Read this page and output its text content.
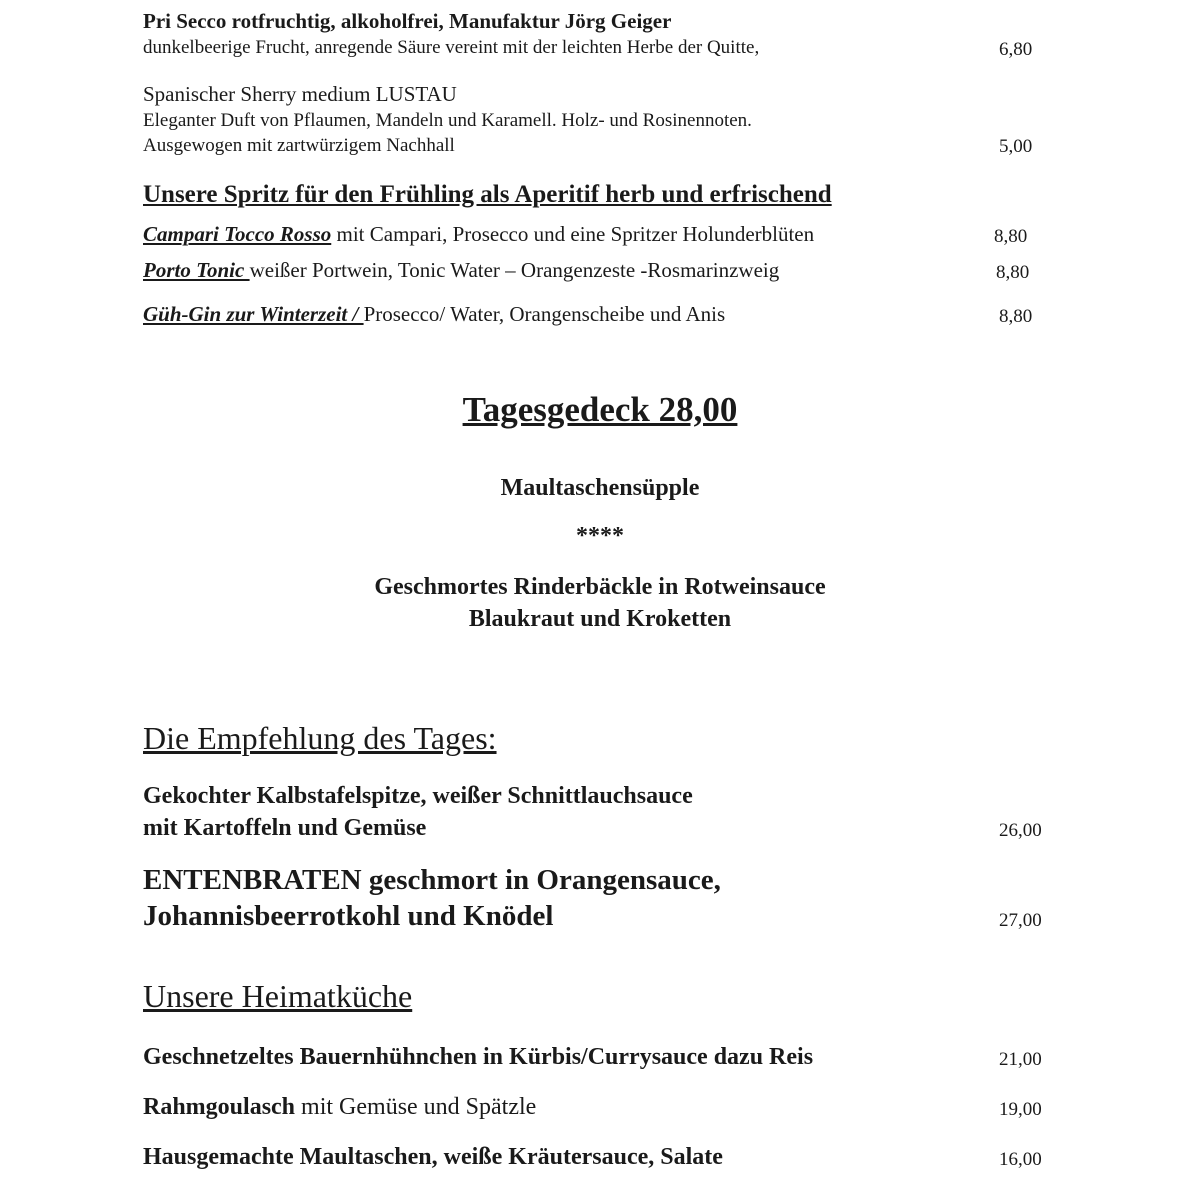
Pri Secco rotfruchtig, alkoholfrei, Manufaktur Jörg Geiger
dunkelbeerige Frucht, anregende Säure vereint mit der leichten Herbe der Quitte,	6,80
Spanischer Sherry medium LUSTAU
Eleganter Duft von Pflaumen, Mandeln und Karamell. Holz- und Rosinennoten.
Ausgewogen mit zartwürzigem Nachhall	5,00
Unsere Spritz für den Frühling als Aperitif herb und erfrischend
Campari Tocco Rosso mit Campari, Prosecco und eine Spritzer Holunderblüten	8,80
Porto Tonic weißer Portwein, Tonic Water – Orangenzeste -Rosmarinzweig	8,80
Güh-Gin zur Winterzeit / Prosecco/ Water, Orangenscheibe und Anis	8,80
Tagesgedeck 28,00
Maultaschensüpple
****
Geschmortes Rinderbäckle in Rotweinsauce
Blaukraut und Kroketten
Die Empfehlung des Tages:
Gekochter Kalbstafelspitze, weißer Schnittlauchsauce
mit Kartoffeln und Gemüse	26,00
ENTENBRATEN geschmort in Orangensauce,
Johannisbeerrotkohl und Knödel	27,00
Unsere Heimatküche
Geschnetzeltes Bauernhühnchen in Kürbis/Currysauce dazu Reis	21,00
Rahmgoulasch mit Gemüse und Spätzle	19,00
Hausgemachte Maultaschen, weiße Kräutersauce, Salate	16,00
